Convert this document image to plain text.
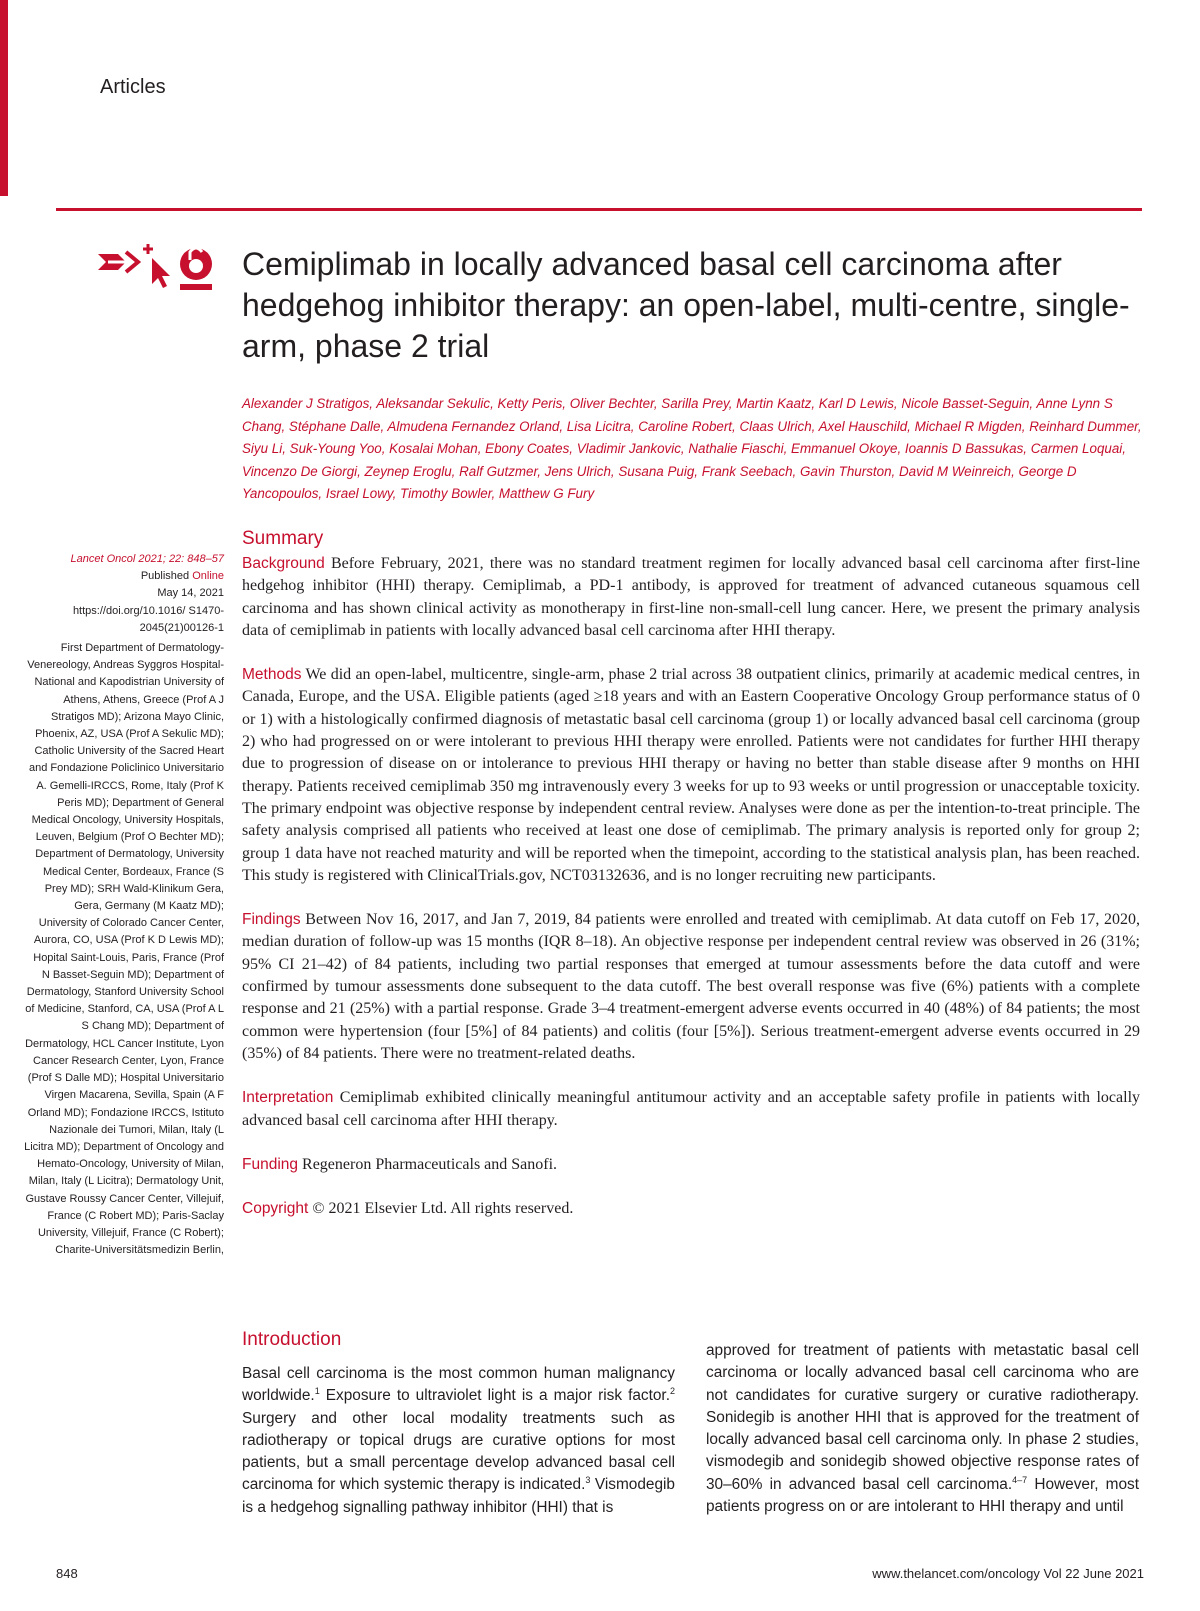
Articles
Cemiplimab in locally advanced basal cell carcinoma after hedgehog inhibitor therapy: an open-label, multi-centre, single-arm, phase 2 trial
Alexander J Stratigos, Aleksandar Sekulic, Ketty Peris, Oliver Bechter, Sarilla Prey, Martin Kaatz, Karl D Lewis, Nicole Basset-Seguin, Anne Lynn S Chang, Stéphane Dalle, Almudena Fernandez Orland, Lisa Licitra, Caroline Robert, Claas Ulrich, Axel Hauschild, Michael R Migden, Reinhard Dummer, Siyu Li, Suk-Young Yoo, Kosalai Mohan, Ebony Coates, Vladimir Jankovic, Nathalie Fiaschi, Emmanuel Okoye, Ioannis D Bassukas, Carmen Loquai, Vincenzo De Giorgi, Zeynep Eroglu, Ralf Gutzmer, Jens Ulrich, Susana Puig, Frank Seebach, Gavin Thurston, David M Weinreich, George D Yancopoulos, Israel Lowy, Timothy Bowler, Matthew G Fury
Lancet Oncol 2021; 22: 848–57
Published Online
May 14, 2021
https://doi.org/10.1016/ S1470-2045(21)00126-1
First Department of Dermatology-Venereology, Andreas Syggros Hospital-National and Kapodistrian University of Athens, Athens, Greece (Prof A J Stratigos MD); Arizona Mayo Clinic, Phoenix, AZ, USA (Prof A Sekulic MD); Catholic University of the Sacred Heart and Fondazione Policlinico Universitario A. Gemelli-IRCCS, Rome, Italy (Prof K Peris MD); Department of General Medical Oncology, University Hospitals, Leuven, Belgium (Prof O Bechter MD); Department of Dermatology, University Medical Center, Bordeaux, France (S Prey MD); SRH Wald-Klinikum Gera, Gera, Germany (M Kaatz MD); University of Colorado Cancer Center, Aurora, CO, USA (Prof K D Lewis MD); Hopital Saint-Louis, Paris, France (Prof N Basset-Seguin MD); Department of Dermatology, Stanford University School of Medicine, Stanford, CA, USA (Prof A L S Chang MD); Department of Dermatology, HCL Cancer Institute, Lyon Cancer Research Center, Lyon, France (Prof S Dalle MD); Hospital Universitario Virgen Macarena, Sevilla, Spain (A F Orland MD); Fondazione IRCCS, Istituto Nazionale dei Tumori, Milan, Italy (L Licitra MD); Department of Oncology and Hemato-Oncology, University of Milan, Milan, Italy (L Licitra); Dermatology Unit, Gustave Roussy Cancer Center, Villejuif, France (C Robert MD); Paris-Saclay University, Villejuif, France (C Robert); Charite-Universitätsmedizin Berlin,
Summary

Background Before February, 2021, there was no standard treatment regimen for locally advanced basal cell carcinoma after first-line hedgehog inhibitor (HHI) therapy. Cemiplimab, a PD-1 antibody, is approved for treatment of advanced cutaneous squamous cell carcinoma and has shown clinical activity as monotherapy in first-line non-small-cell lung cancer. Here, we present the primary analysis data of cemiplimab in patients with locally advanced basal cell carcinoma after HHI therapy.

Methods We did an open-label, multicentre, single-arm, phase 2 trial across 38 outpatient clinics, primarily at academic medical centres, in Canada, Europe, and the USA. Eligible patients (aged ≥18 years and with an Eastern Cooperative Oncology Group performance status of 0 or 1) with a histologically confirmed diagnosis of metastatic basal cell carcinoma (group 1) or locally advanced basal cell carcinoma (group 2) who had progressed on or were intolerant to previous HHI therapy were enrolled. Patients were not candidates for further HHI therapy due to progression of disease on or intolerance to previous HHI therapy or having no better than stable disease after 9 months on HHI therapy. Patients received cemiplimab 350 mg intravenously every 3 weeks for up to 93 weeks or until progression or unacceptable toxicity. The primary endpoint was objective response by independent central review. Analyses were done as per the intention-to-treat principle. The safety analysis comprised all patients who received at least one dose of cemiplimab. The primary analysis is reported only for group 2; group 1 data have not reached maturity and will be reported when the timepoint, according to the statistical analysis plan, has been reached. This study is registered with ClinicalTrials.gov, NCT03132636, and is no longer recruiting new participants.

Findings Between Nov 16, 2017, and Jan 7, 2019, 84 patients were enrolled and treated with cemiplimab. At data cutoff on Feb 17, 2020, median duration of follow-up was 15 months (IQR 8–18). An objective response per independent central review was observed in 26 (31%; 95% CI 21–42) of 84 patients, including two partial responses that emerged at tumour assessments before the data cutoff and were confirmed by tumour assessments done subsequent to the data cutoff. The best overall response was five (6%) patients with a complete response and 21 (25%) with a partial response. Grade 3–4 treatment-emergent adverse events occurred in 40 (48%) of 84 patients; the most common were hypertension (four [5%] of 84 patients) and colitis (four [5%]). Serious treatment-emergent adverse events occurred in 29 (35%) of 84 patients. There were no treatment-related deaths.

Interpretation Cemiplimab exhibited clinically meaningful antitumour activity and an acceptable safety profile in patients with locally advanced basal cell carcinoma after HHI therapy.

Funding Regeneron Pharmaceuticals and Sanofi.

Copyright © 2021 Elsevier Ltd. All rights reserved.

Introduction

Basal cell carcinoma is the most common human malignancy worldwide.$^1$ Exposure to ultraviolet light is a major risk factor.$^2$ Surgery and other local modality treatments such as radiotherapy or topical drugs are curative options for most patients, but a small percentage develop advanced basal cell carcinoma for which systemic therapy is indicated.$^3$ Vismodegib is a hedgehog signalling pathway inhibitor (HHI) that is

approved for treatment of patients with metastatic basal cell carcinoma or locally advanced basal cell carcinoma who are not candidates for curative surgery or curative radiotherapy. Sonidegib is another HHI that is approved for the treatment of locally advanced basal cell carcinoma only. In phase 2 studies, vismodegib and sonidegib showed objective response rates of 30–60% in advanced basal cell carcinoma.$^{4-7}$ However, most patients progress on or are intolerant to HHI therapy and until

848	www.thelancet.com/oncology Vol 22 June 2021
